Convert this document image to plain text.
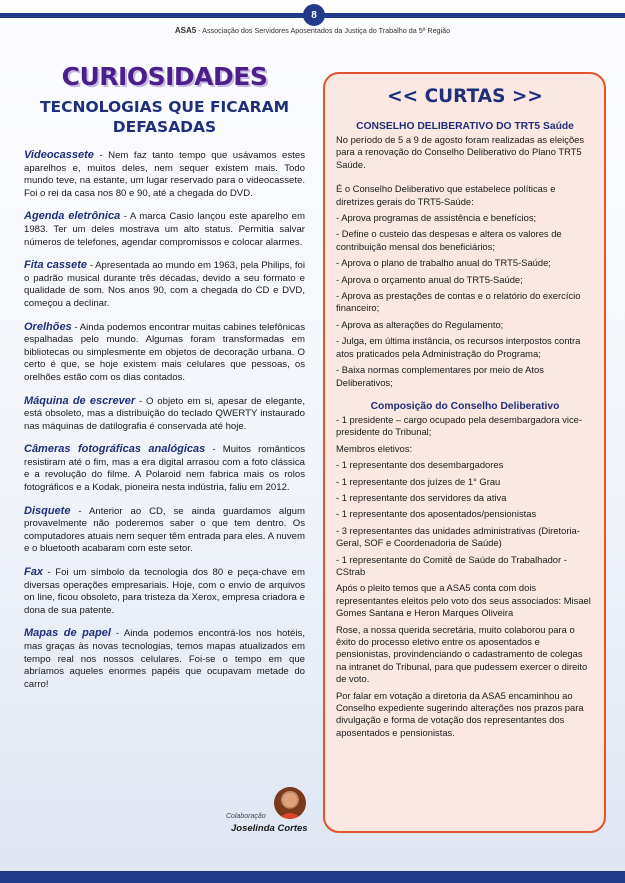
8
ASA5 - Associação dos Servidores Aposentados da Justiça do Trabalho da 5ª Região
CURIOSIDADES
TECNOLOGIAS QUE FICARAM DEFASADAS

Videocassete - Nem faz tanto tempo que usávamos estes aparelhos e, muitos deles, nem sequer existem mais. Todo mundo teve, na estante, um lugar reservado para o videocassete. Foi o rei da casa nos 80 e 90, até a chegada do DVD.

Agenda eletrônica - A marca Casio lançou este aparelho em 1983. Ter um deles mostrava um alto status. Permitia salvar números de telefones, agendar compromissos e colocar alarmes.

Fita cassete - Apresentada ao mundo em 1963, pela Philips, foi o padrão musical durante três décadas, devido a seu formato e qualidade de som. Nos anos 90, com a chegada do CD e DVD, começou a declinar.

Orelhões - Ainda podemos encontrar muitas cabines telefônicas espalhadas pelo mundo. Algumas foram transformadas em bibliotecas ou simplesmente em objetos de decoração urbana. O certo é que, se hoje existem mais celulares que pessoas, os orelhões estão com os dias contados.

Máquina de escrever - O objeto em si, apesar de elegante, está obsoleto, mas a distribuição do teclado QWERTY instaurado nas máquinas de datilografia é conservada até hoje.

Câmeras fotográficas analógicas - Muitos românticos resistiram até o fim, mas a era digital arrasou com a foto clássica e a revolução do filme. A Polaroid nem fabrica mais os rolos fotográficos e a Kodak, pioneira nesta indústria, faliu em 2012.

Disquete - Anterior ao CD, se ainda guardamos algum provavelmente não poderemos saber o que tem dentro. Os computadores atuais nem sequer têm entrada para eles. A nuvem e o bluetooth acabaram com este setor.

Fax - Foi um símbolo da tecnologia dos 80 e peça-chave em diversas operações empresariais. Hoje, com o envio de arquivos on line, ficou obsoleto, para tristeza da Xerox, empresa criadora e dona de sua patente.

Mapas de papel - Ainda podemos encontrá-los nos hotéis, mas graças às novas tecnologias, temos mapas atualizados em tempo real nos nossos celulares. Foi-se o tempo em que abríamos aqueles enormes papéis que ocupavam metade do carro!

Colaboração
Joselinda Cortes
<< CURTAS >>
CONSELHO DELIBERATIVO DO TRT5 Saúde

No período de 5 a 9 de agosto foram realizadas as eleições para a renovação do Conselho Deliberativo do Plano TRT5 Saúde.

É o Conselho Deliberativo que estabelece políticas e diretrizes gerais do TRT5-Saúde:

- Aprova programas de assistência e benefícios;

- Define o custeio das despesas e altera os valores de contribuição mensal dos beneficiários;

- Aprova o plano de trabalho anual do TRT5-Saúde;

- Aprova o orçamento anual do TRT5-Saúde;

- Aprova as prestações de contas e o relatório do exercício financeiro;

- Aprova as alterações do Regulamento;

- Julga, em última instância, os recursos interpostos contra atos praticados pela Administração do Programa;

- Baixa normas complementares por meio de Atos Deliberativos;

Composição do Conselho Deliberativo

- 1 presidente – cargo ocupado pela desembargadora vice-presidente do Tribunal;

Membros eletivos:

- 1 representante dos desembargadores

- 1 representante dos juízes de 1° Grau

- 1 representante dos servidores da ativa

- 1 representante dos aposentados/pensionistas

- 3 representantes das unidades administrativas (Diretoria-Geral, SOF e Coordenadoria de Saúde)

- 1 representante do Comitê de Saúde do Trabalhador - CStrab

Após o pleito temos que a ASA5 conta com dois representantes eleitos pelo voto dos seus associados: Misael Gomes Santana e Heron Marques Oliveira

Rose, a nossa querida secretária, muito colaborou para o êxito do processo eletivo entre os aposentados e pensionistas, provindenciando o cadastramento de colegas na intranet do Tribunal, para que pudessem exercer o direito de voto.

Por falar em votação a diretoria da ASA5 encaminhou ao Conselho expediente sugerindo alterações nos prazos para divulgação e forma de votação dos representantes dos aposentados e pensionistas.
